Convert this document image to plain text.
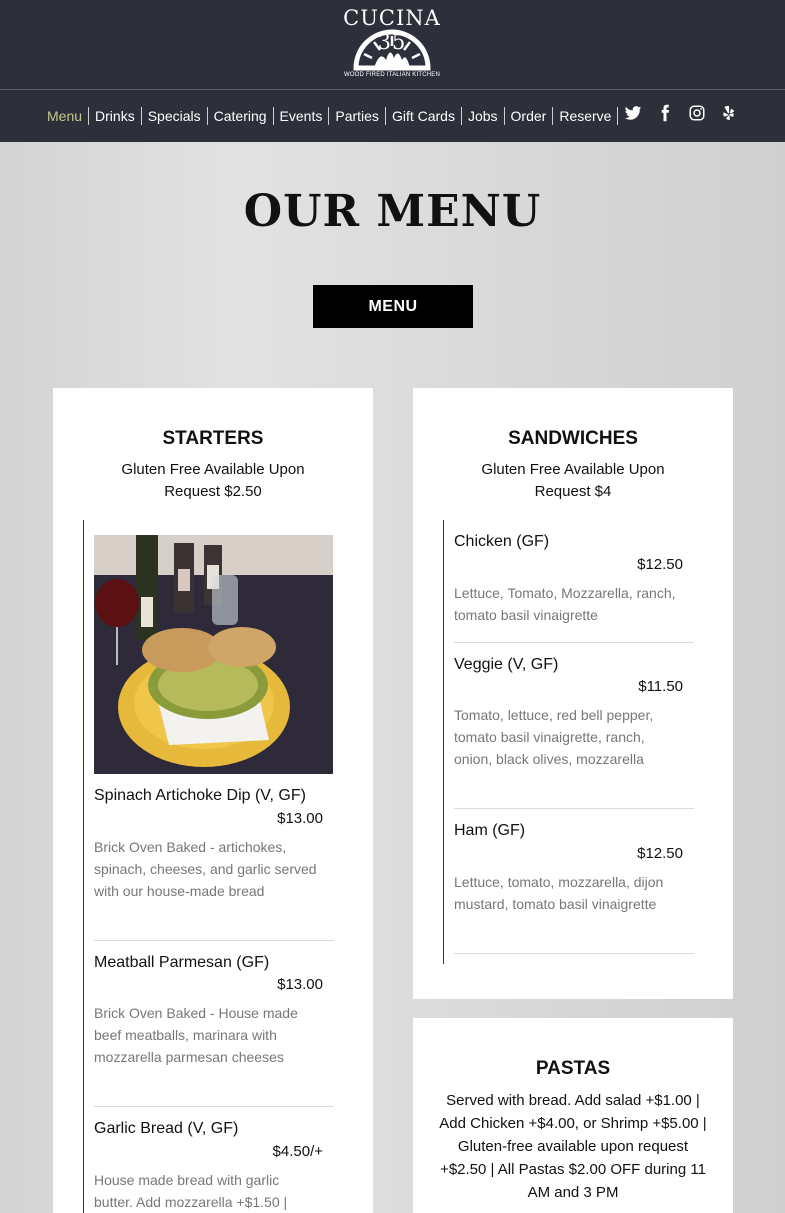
CUCINA 35
WOOD FIRED ITALIAN KITCHEN
Menu Drinks Specials Catering Events Parties Gift Cards Jobs Order Reserve
OUR MENU
MENU
STARTERS
Gluten Free Available Upon Request $2.50
Spinach Artichoke Dip (V, GF)
$13.00
Brick Oven Baked - artichokes, spinach, cheeses, and garlic served with our house-made bread
Meatball Parmesan (GF)
$13.00
Brick Oven Baked - House made beef meatballs, marinara with mozzarella parmesan cheeses
Garlic Bread (V, GF)
$4.50/+
House made bread with garlic butter. Add mozzarella +$1.50 |
SANDWICHES
Gluten Free Available Upon Request $4
Chicken (GF)
$12.50
Lettuce, Tomato, Mozzarella, ranch, tomato basil vinaigrette
Veggie (V, GF)
$11.50
Tomato, lettuce, red bell pepper, tomato basil vinaigrette, ranch, onion, black olives, mozzarella
Ham (GF)
$12.50
Lettuce, tomato, mozzarella, dijon mustard, tomato basil vinaigrette
PASTAS
Served with bread. Add salad +$1.00 | Add Chicken +$4.00, or Shrimp +$5.00 | Gluten-free available upon request +$2.50 | All Pastas $2.00 OFF during 11 AM and 3 PM
